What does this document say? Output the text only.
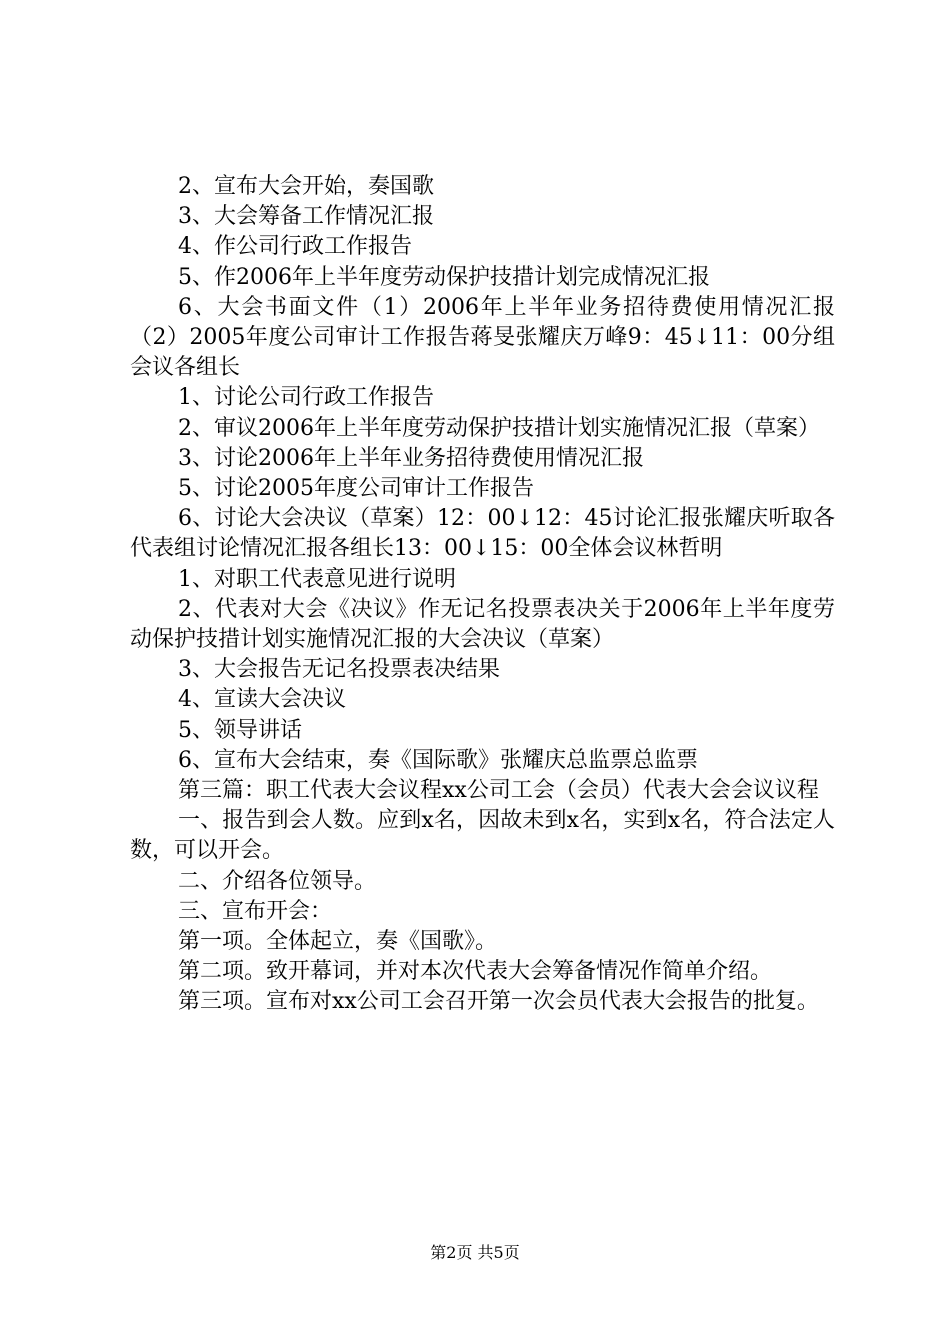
2、宣布大会开始，奏国歌

3、大会筹备工作情况汇报

4、作公司行政工作报告

5、作2006年上半年度劳动保护技措计划完成情况汇报

6、大会书面文件（1）2006年上半年业务招待费使用情况汇报（2）2005年度公司审计工作报告蒋旻张耀庆万峰9：45↓11：00分组会议各组长

1、讨论公司行政工作报告

2、审议2006年上半年度劳动保护技措计划实施情况汇报（草案）

3、讨论2006年上半年业务招待费使用情况汇报

5、讨论2005年度公司审计工作报告

6、讨论大会决议（草案）12：00↓12：45讨论汇报张耀庆听取各代表组讨论情况汇报各组长13：00↓15：00全体会议林哲明

1、对职工代表意见进行说明

2、代表对大会《决议》作无记名投票表决关于2006年上半年度劳动保护技措计划实施情况汇报的大会决议（草案）

3、大会报告无记名投票表决结果

4、宣读大会决议

5、领导讲话

6、宣布大会结束，奏《国际歌》张耀庆总监票总监票

第三篇：职工代表大会议程xx公司工会（会员）代表大会会议议程

一、报告到会人数。应到x名，因故未到x名，实到x名，符合法定人数，可以开会。

二、介绍各位领导。

三、宣布开会：

第一项。全体起立，奏《国歌》。

第二项。致开幕词，并对本次代表大会筹备情况作简单介绍。

第三项。宣布对xx公司工会召开第一次会员代表大会报告的批复。

第2页 共5页
